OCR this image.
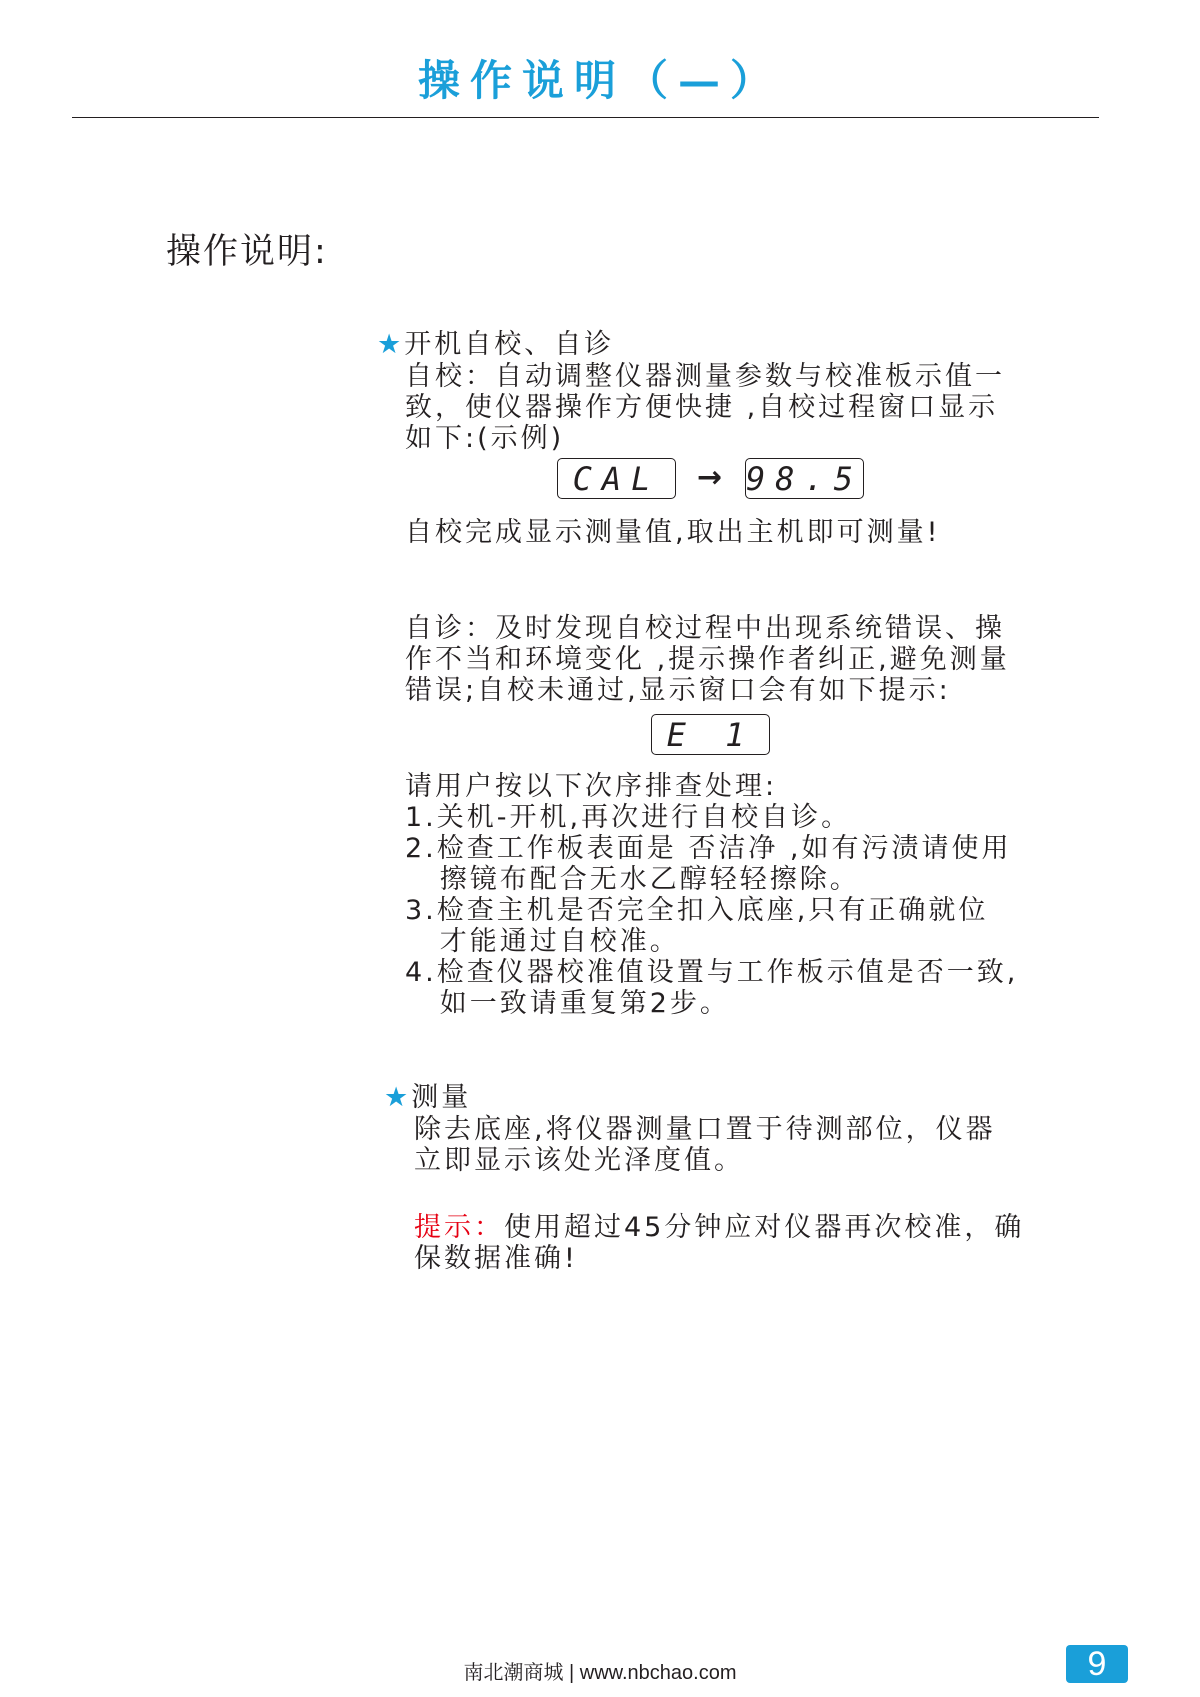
操作说明（—）
操作说明:
★开机自校、自诊
自校：自动调整仪器测量参数与校准板示值一
致，使仪器操作方便快捷 ,自校过程窗口显示
如下:(示例)
CAL	→ 98.5
自校完成显示测量值,取出主机即可测量!
自诊：及时发现自校过程中出现系统错误、操
作不当和环境变化 ,提示操作者纠正,避免测量
错误;自校未通过,显示窗口会有如下提示:
E 1
请用户按以下次序排查处理:
1.关机-开机,再次进行自校自诊。
2.检查工作板表面是 否洁净 ,如有污渍请使用
擦镜布配合无水乙醇轻轻擦除。
3.检查主机是否完全扣入底座,只有正确就位
才能通过自校准。
4.检查仪器校准值设置与工作板示值是否一致,
如一致请重复第2步。
★测量
除去底座,将仪器测量口置于待测部位，仪器
立即显示该处光泽度值。
提示：使用超过45分钟应对仪器再次校准，确
保数据准确!
南北潮商城 | www.nbchao.com	9
